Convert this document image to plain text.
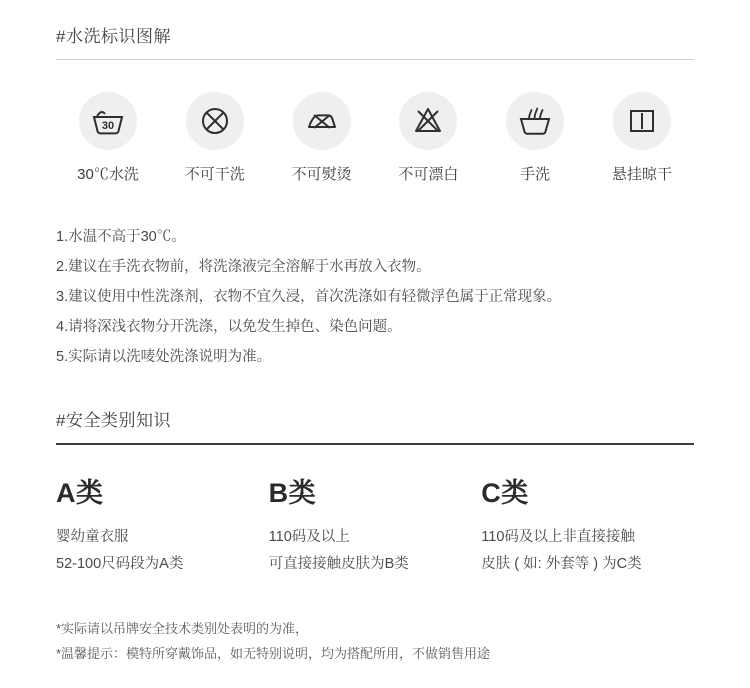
#水洗标识图解
30
30℃水洗	不可干洗	不可熨烫	不可漂白	手洗	悬挂晾干
1.水温不高于30℃。
2.建议在手洗衣物前，将洗涤液完全溶解于水再放入衣物。
3.建议使用中性洗涤剂，衣物不宜久浸，首次洗涤如有轻微浮色属于正常现象。
4.请将深浅衣物分开洗涤，以免发生掉色、染色问题。
5.实际请以洗唛处洗涤说明为准。
#安全类别知识
A类
婴幼童衣服
52-100尺码段为A类
B类
110码及以上
可直接接触皮肤为B类
C类
110码及以上非直接接触
皮肤 ( 如: 外套等 ) 为C类
*实际请以吊牌安全技术类别处表明的为准，
*温馨提示：模特所穿戴饰品，如无特别说明，均为搭配所用，不做销售用途
